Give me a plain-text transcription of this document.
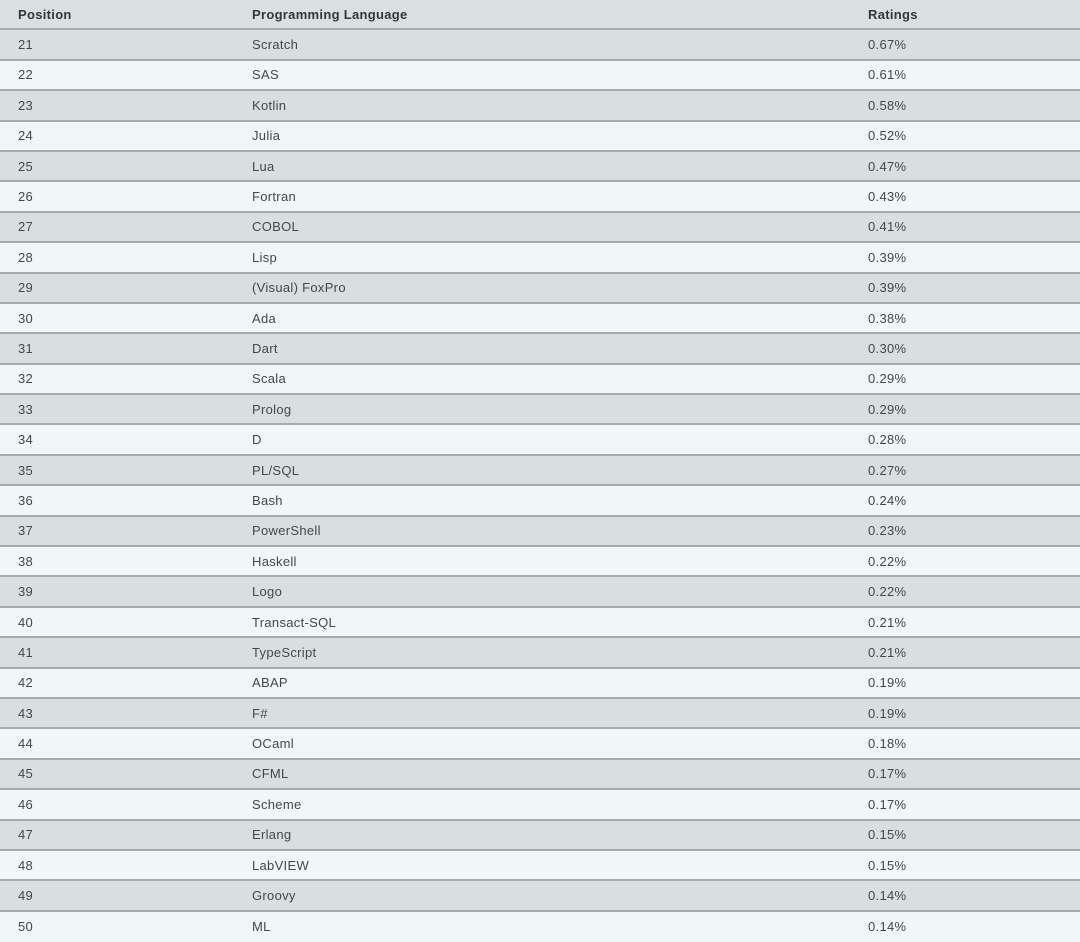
Position	Programming Language	Ratings
21	Scratch	0.67%
22	SAS	0.61%
23	Kotlin	0.58%
24	Julia	0.52%
25	Lua	0.47%
26	Fortran	0.43%
27	COBOL	0.41%
28	Lisp	0.39%
29	(Visual) FoxPro	0.39%
30	Ada	0.38%
31	Dart	0.30%
32	Scala	0.29%
33	Prolog	0.29%
34	D	0.28%
35	PL/SQL	0.27%
36	Bash	0.24%
37	PowerShell	0.23%
38	Haskell	0.22%
39	Logo	0.22%
40	Transact-SQL	0.21%
41	TypeScript	0.21%
42	ABAP	0.19%
43	F#	0.19%
44	OCaml	0.18%
45	CFML	0.17%
46	Scheme	0.17%
47	Erlang	0.15%
48	LabVIEW	0.15%
49	Groovy	0.14%
50	ML	0.14%
